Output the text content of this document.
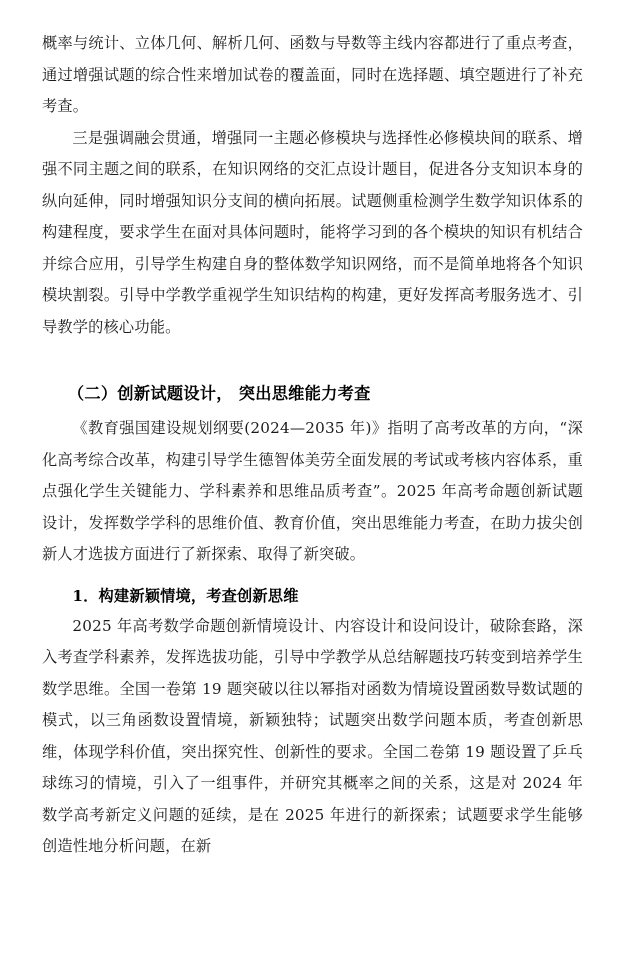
概率与统计、立体几何、解析几何、函数与导数等主线内容都进行了重点考查，通过增强试题的综合性来增加试卷的覆盖面，同时在选择题、填空题进行了补充考查。

三是强调融会贯通，增强同一主题必修模块与选择性必修模块间的联系、增强不同主题之间的联系，在知识网络的交汇点设计题目，促进各分支知识本身的纵向延伸，同时增强知识分支间的横向拓展。试题侧重检测学生数学知识体系的构建程度，要求学生在面对具体问题时，能将学习到的各个模块的知识有机结合并综合应用，引导学生构建自身的整体数学知识网络，而不是简单地将各个知识模块割裂。引导中学教学重视学生知识结构的构建，更好发挥高考服务选才、引导教学的核心功能。

（二）创新试题设计， 突出思维能力考查

《教育强国建设规划纲要(2024—2035 年)》指明了高考改革的方向，“深化高考综合改革，构建引导学生德智体美劳全面发展的考试或考核内容体系，重点强化学生关键能力、学科素养和思维品质考查”。2025 年高考命题创新试题设计，发挥数学学科的思维价值、教育价值，突出思维能力考查，在助力拔尖创新人才选拔方面进行了新探索、取得了新突破。

1．构建新颖情境，考查创新思维

2025 年高考数学命题创新情境设计、内容设计和设问设计，破除套路，深入考查学科素养，发挥选拔功能，引导中学教学从总结解题技巧转变到培养学生数学思维。全国一卷第 19 题突破以往以幂指对函数为情境设置函数导数试题的模式，以三角函数设置情境，新颖独特；试题突出数学问题本质，考查创新思维，体现学科价值，突出探究性、创新性的要求。全国二卷第 19 题设置了乒乓球练习的情境，引入了一组事件，并研究其概率之间的关系，这是对 2024 年数学高考新定义问题的延续，是在 2025 年进行的新探索；试题要求学生能够创造性地分析问题，在新
